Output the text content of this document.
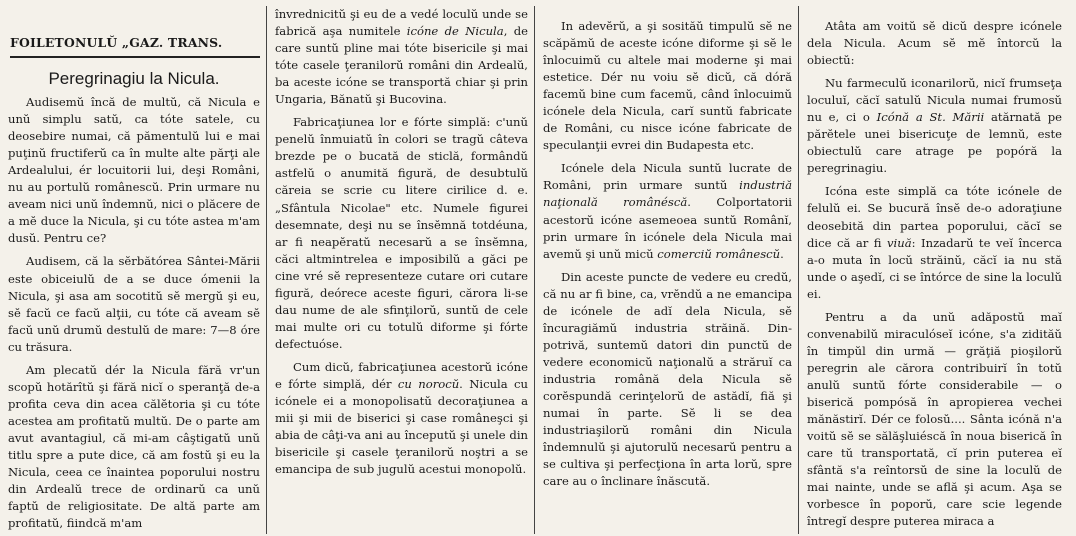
FOILETONULŬ „GAZ. TRANS.
Peregrinagiu la Nicula.

Audisemŭ încă de multŭ, că Nicula e unŭ simplu satŭ, ca tóte satele, cu deosebire numai, că pămentulŭ lui e mai puţinŭ fructiferŭ ca în multe alte părţi ale Ardealului, ér locuitorii lui, deşi Români, nu au portulŭ românescŭ. Prin urmare nu aveam nici unŭ îndemnŭ, nici o plăcere de a mĕ duce la Nicula, şi cu tóte astea m'am dusŭ. Pentru ce?

Audisem, că la sĕrbătórea Sântei-Mării este obiceiulŭ de a se duce ómenii la Nicula, şi asa am socotitŭ sĕ mergŭ şi eu, sĕ facŭ ce facŭ alţii, cu tóte că aveam sĕ facŭ unŭ drumŭ destulŭ de mare: 7—8 óre cu trăsura.

Am plecatŭ dér la Nicula fără vr'un scopŭ hotărîtŭ şi fără nicĭ o speranţă de-a profita ceva din acea călĕtoria şi cu tóte acestea am profitatŭ multŭ. De o parte am avut avantagiul, că mi-am câştigatŭ unŭ titlu spre a pute dice, că am fostŭ şi eu la Nicula, ceea ce înaintea poporului nostru din Ardealŭ trece de ordinarŭ ca unŭ faptŭ de religiositate. De altă parte am profitatŭ, fiindcă m'am

învrednicitŭ şi eu de a vedé loculŭ unde se fabrică aşa numitele icóne de Nicula, de care suntŭ pline mai tóte bisericile şi mai tóte casele ţeranilorŭ români din Ardealŭ, ba aceste icóne se transportă chiar şi prin Ungaria, Bănatŭ şi Bucovina.

Fabricaţiunea lor e fórte simplă: c'unŭ penelŭ înmuiatŭ în colori se tragŭ câteva brezde pe o bucată de sticlă, formândŭ astfelŭ o anumită figură, de desubtulŭ căreia se scrie cu litere cirilice d. e. „Sfântula Nicolae" etc. Numele figurei desemnate, deşi nu se însĕmnă totdéuna, ar fi neapĕratŭ necesarŭ a se însĕmna, căci altmintrelea e imposibilŭ a găci pe cine vré sĕ representeze cutare ori cutare figură, deórece aceste figuri, cărora li-se dau nume de ale sfinţilorŭ, suntŭ de cele mai multe ori cu totulŭ diforme şi fórte defectuóse.

Cum dicŭ, fabricaţiunea acestorŭ icóne e fórte simplă, dér cu norocŭ. Nicula cu icónele ei a monopolisatŭ decoraţiunea a mii şi mii de biserici şi case româneşci şi abia de câţi-va ani au începutŭ şi unele din bisericile şi casele ţeranilorŭ noştri a se emancipa de sub jugulŭ acestui monopolŭ.

In adevĕrŭ, a şi sosităŭ timpulŭ sĕ ne scăpămŭ de aceste icóne diforme şi sĕ le înlocuimŭ cu altele mai moderne şi mai estetice. Dér nu voiu sĕ dicŭ, că dóră facemŭ bine cum facemŭ, când înlocuimŭ icónele dela Nicula, carĭ suntŭ fabricate de Români, cu nisce icóne fabricate de speculanţii evrei din Budapesta etc.

Icónele dela Nicula suntŭ lucrate de Români, prin urmare suntŭ industriă naţională românéscă. Colportatorii acestorŭ icóne asemeoea suntŭ Românĭ, prin urmare în icónele dela Nicula mai avemŭ şi unŭ micŭ comerciŭ românescŭ.

Din aceste puncte de vedere eu credŭ, că nu ar fi bine, ca, vrĕndŭ a ne emancipa de icónele de adĭ dela Nicula, sĕ încuragiămŭ industria străină. Din-potrivă, suntemŭ datori din punctŭ de vedere economicŭ naţionalŭ a străruĭ ca industria română dela Nicula sĕ corĕspundă cerinţelorŭ de astădĭ, fiă şi numai în parte. Sĕ li se dea industriaşilorŭ români din Nicula îndemnulŭ şi ajutorulŭ necesarŭ pentru a se cultiva şi perfecţiona în arta lorŭ, spre care au o înclinare înăscută.

Atâta am voitŭ sĕ dicŭ despre icónele dela Nicula. Acum sĕ mĕ întorcŭ la obiectŭ:

Nu farmeculŭ iconarilorŭ, nicĭ frumseţa loculuĭ, căcĭ satulŭ Nicula numai frumosŭ nu e, ci o Icónă a St. Mării atărnată pe părĕtele unei bisericuţe de lemnŭ, este obiectulŭ care atrage pe popóră la peregrinagiu.

Icóna este simplă ca tóte icónele de felulŭ ei. Se bucură însĕ de-o adoraţiune deosebită din partea poporului, căcĭ se dice că ar fi viuă: Inzadarŭ te veĭ încerca a-o muta în locŭ străinŭ, căcĭ ia nu stă unde o aşedĭ, ci se întórce de sine la loculŭ ei.

Pentru a da unŭ adăpostŭ maĭ convenabilŭ miraculóseĭ icóne, s'a zidităŭ în timpŭl din urmă — grăţiă pioşilorŭ peregrin ale cărora contribuirĭ în totŭ anulŭ suntŭ fórte considerabile — o biserică pompósă în apropierea vechei mănăstirĭ. Dér ce folosŭ.... Sânta icónă n'a voitŭ sĕ se sălăşluiéscă în noua biserică în care tŭ transportată, cĭ prin puterea eĭ sfântă s'a reîntorsŭ de sine la loculŭ de mai nainte, unde se află şi acum. Aşa se vorbesce în poporŭ, care scie legende întregĭ despre puterea miraca a
